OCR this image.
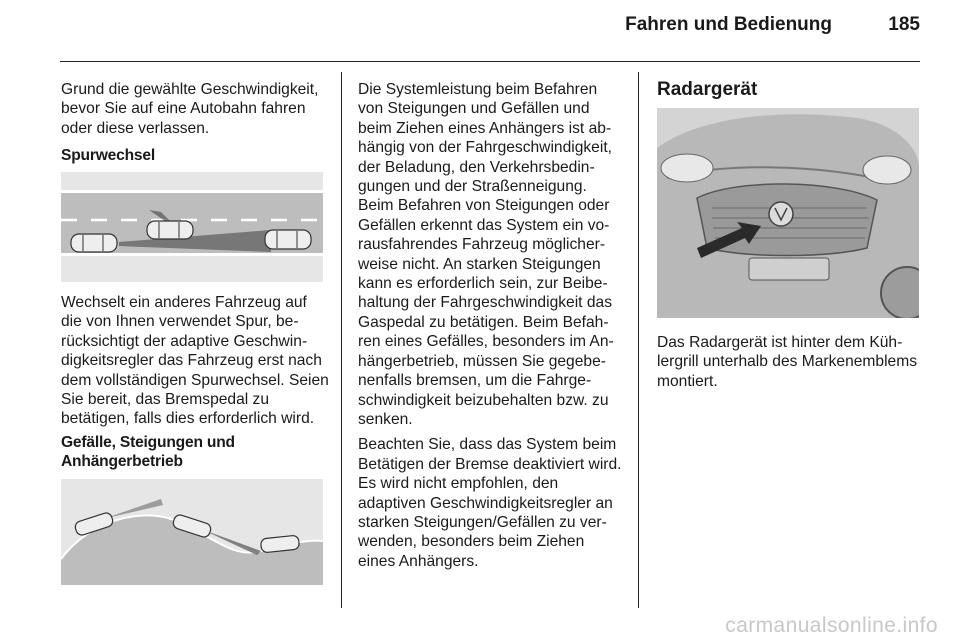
Fahren und Bedienung	185

Grund die gewählte Geschwindigkeit, bevor Sie auf eine Autobahn fahren oder diese verlassen.

Spurwechsel
Wechselt ein anderes Fahrzeug auf die von Ihnen verwendet Spur, berücksichtigt der adaptive Geschwindigkeitsregler das Fahrzeug erst nach dem vollständigen Spurwechsel. Seien Sie bereit, das Bremspedal zu betätigen, falls dies erforderlich wird.
Gefälle, Steigungen und
Anhängerbetrieb

Die Systemleistung beim Befahren von Steigungen und Gefällen und beim Ziehen eines Anhängers ist abhängig von der Fahrgeschwindigkeit, der Beladung, den Verkehrsbedingungen und der Straßenneigung. Beim Befahren von Steigungen oder Gefällen erkennt das System ein vorausfahrendes Fahrzeug möglicherweise nicht. An starken Steigungen kann es erforderlich sein, zur Beibehaltung der Fahrgeschwindigkeit das Gaspedal zu betätigen. Beim Befahren eines Gefälles, besonders im Anhängerbetrieb, müssen Sie gegebenenfalls bremsen, um die Fahrgeschwindigkeit beizubehalten bzw. zu senken.

Beachten Sie, dass das System beim Betätigen der Bremse deaktiviert wird. Es wird nicht empfohlen, den adaptiven Geschwindigkeitsregler an starken Steigungen/Gefällen zu verwenden, besonders beim Ziehen eines Anhängers.

Radargerät
Das Radargerät ist hinter dem Kühlergrill unterhalb des Markenemblems montiert.
carmanualsonline.info
